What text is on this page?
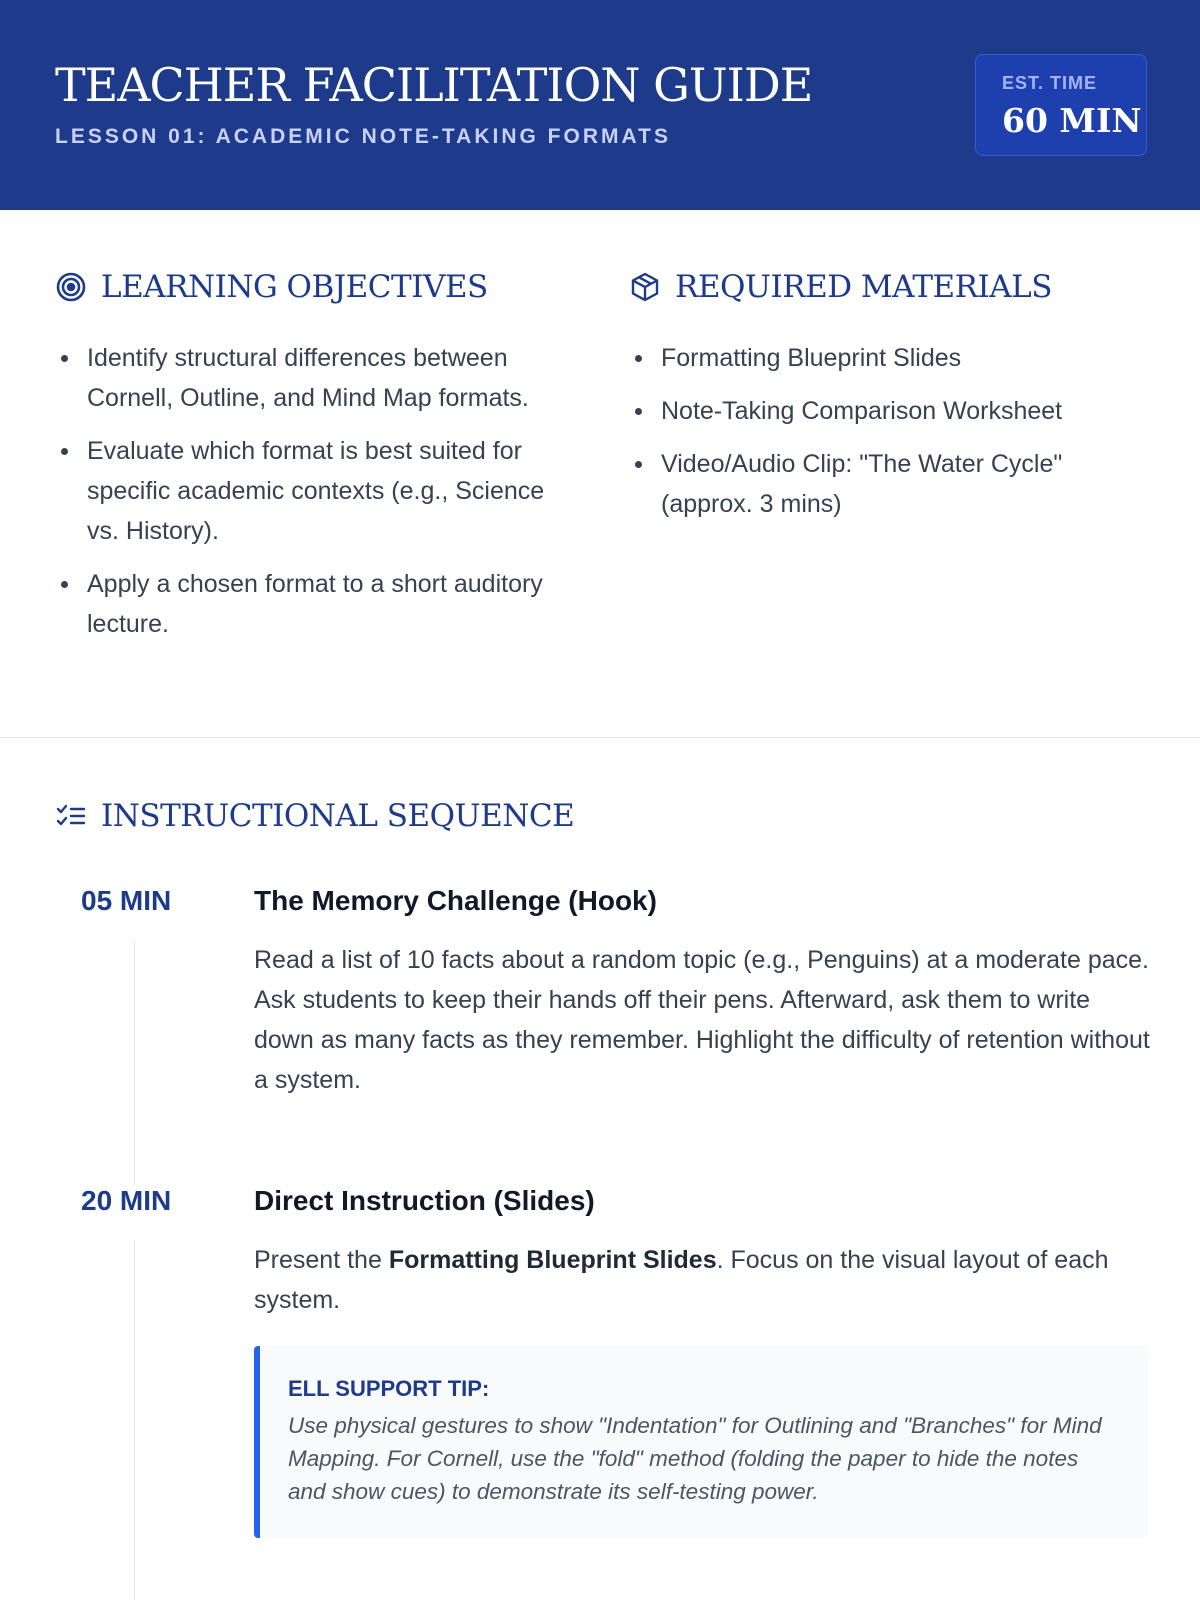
TEACHER FACILITATION GUIDE
LESSON 01: ACADEMIC NOTE-TAKING FORMATS
EST. TIME
60 MIN
LEARNING OBJECTIVES
Identify structural differences between Cornell, Outline, and Mind Map formats.
Evaluate which format is best suited for specific academic contexts (e.g., Science vs. History).
Apply a chosen format to a short auditory lecture.
REQUIRED MATERIALS
Formatting Blueprint Slides
Note-Taking Comparison Worksheet
Video/Audio Clip: "The Water Cycle" (approx. 3 mins)
INSTRUCTIONAL SEQUENCE
05 MIN	The Memory Challenge (Hook)
Read a list of 10 facts about a random topic (e.g., Penguins) at a moderate pace. Ask students to keep their hands off their pens. Afterward, ask them to write down as many facts as they remember. Highlight the difficulty of retention without a system.
20 MIN	Direct Instruction (Slides)
Present the Formatting Blueprint Slides. Focus on the visual layout of each system.
ELL SUPPORT TIP:
Use physical gestures to show "Indentation" for Outlining and "Branches" for Mind Mapping. For Cornell, use the "fold" method (folding the paper to hide the notes and show cues) to demonstrate its self-testing power.
